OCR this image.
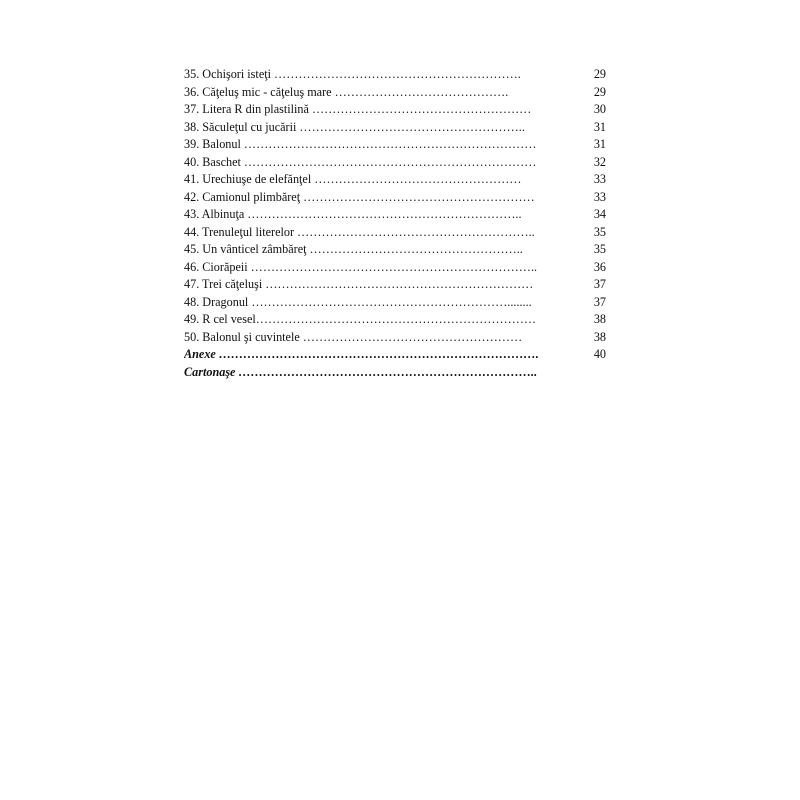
35. Ochişori isteţi …………………………………………………….	29
36. Căţeluş mic - căţeluş mare …………………………………….	29
37. Litera R din plastilină ………………………………………………	30
38. Săculeţul cu jucării ………………………………………………..	31
39. Balonul ………………………………………………………………	31
40. Baschet ………………………………………………………………	32
41. Urechiuşe de elefănţel ……………………………………………	33
42. Camionul plimbăreţ …………………………………………………	33
43. Albinuţa …………………………………………………………..	34
44. Trenuleţul literelor …………………………………………………..	35
45. Un vânticel zâmbăreţ ……………………………………………..	35
46. Ciorăpeii ……………………………………………………………..	36
47. Trei căţeluşi …………………………………………………………	37
48. Dragonul ………………………………………………………........	37
49. R cel vesel……………………………………………………………	38
50. Balonul şi cuvintele ………………………………………………	38
Anexe …………………………………………………………………….	40
Cartonaşe ………………………………………………………………..
